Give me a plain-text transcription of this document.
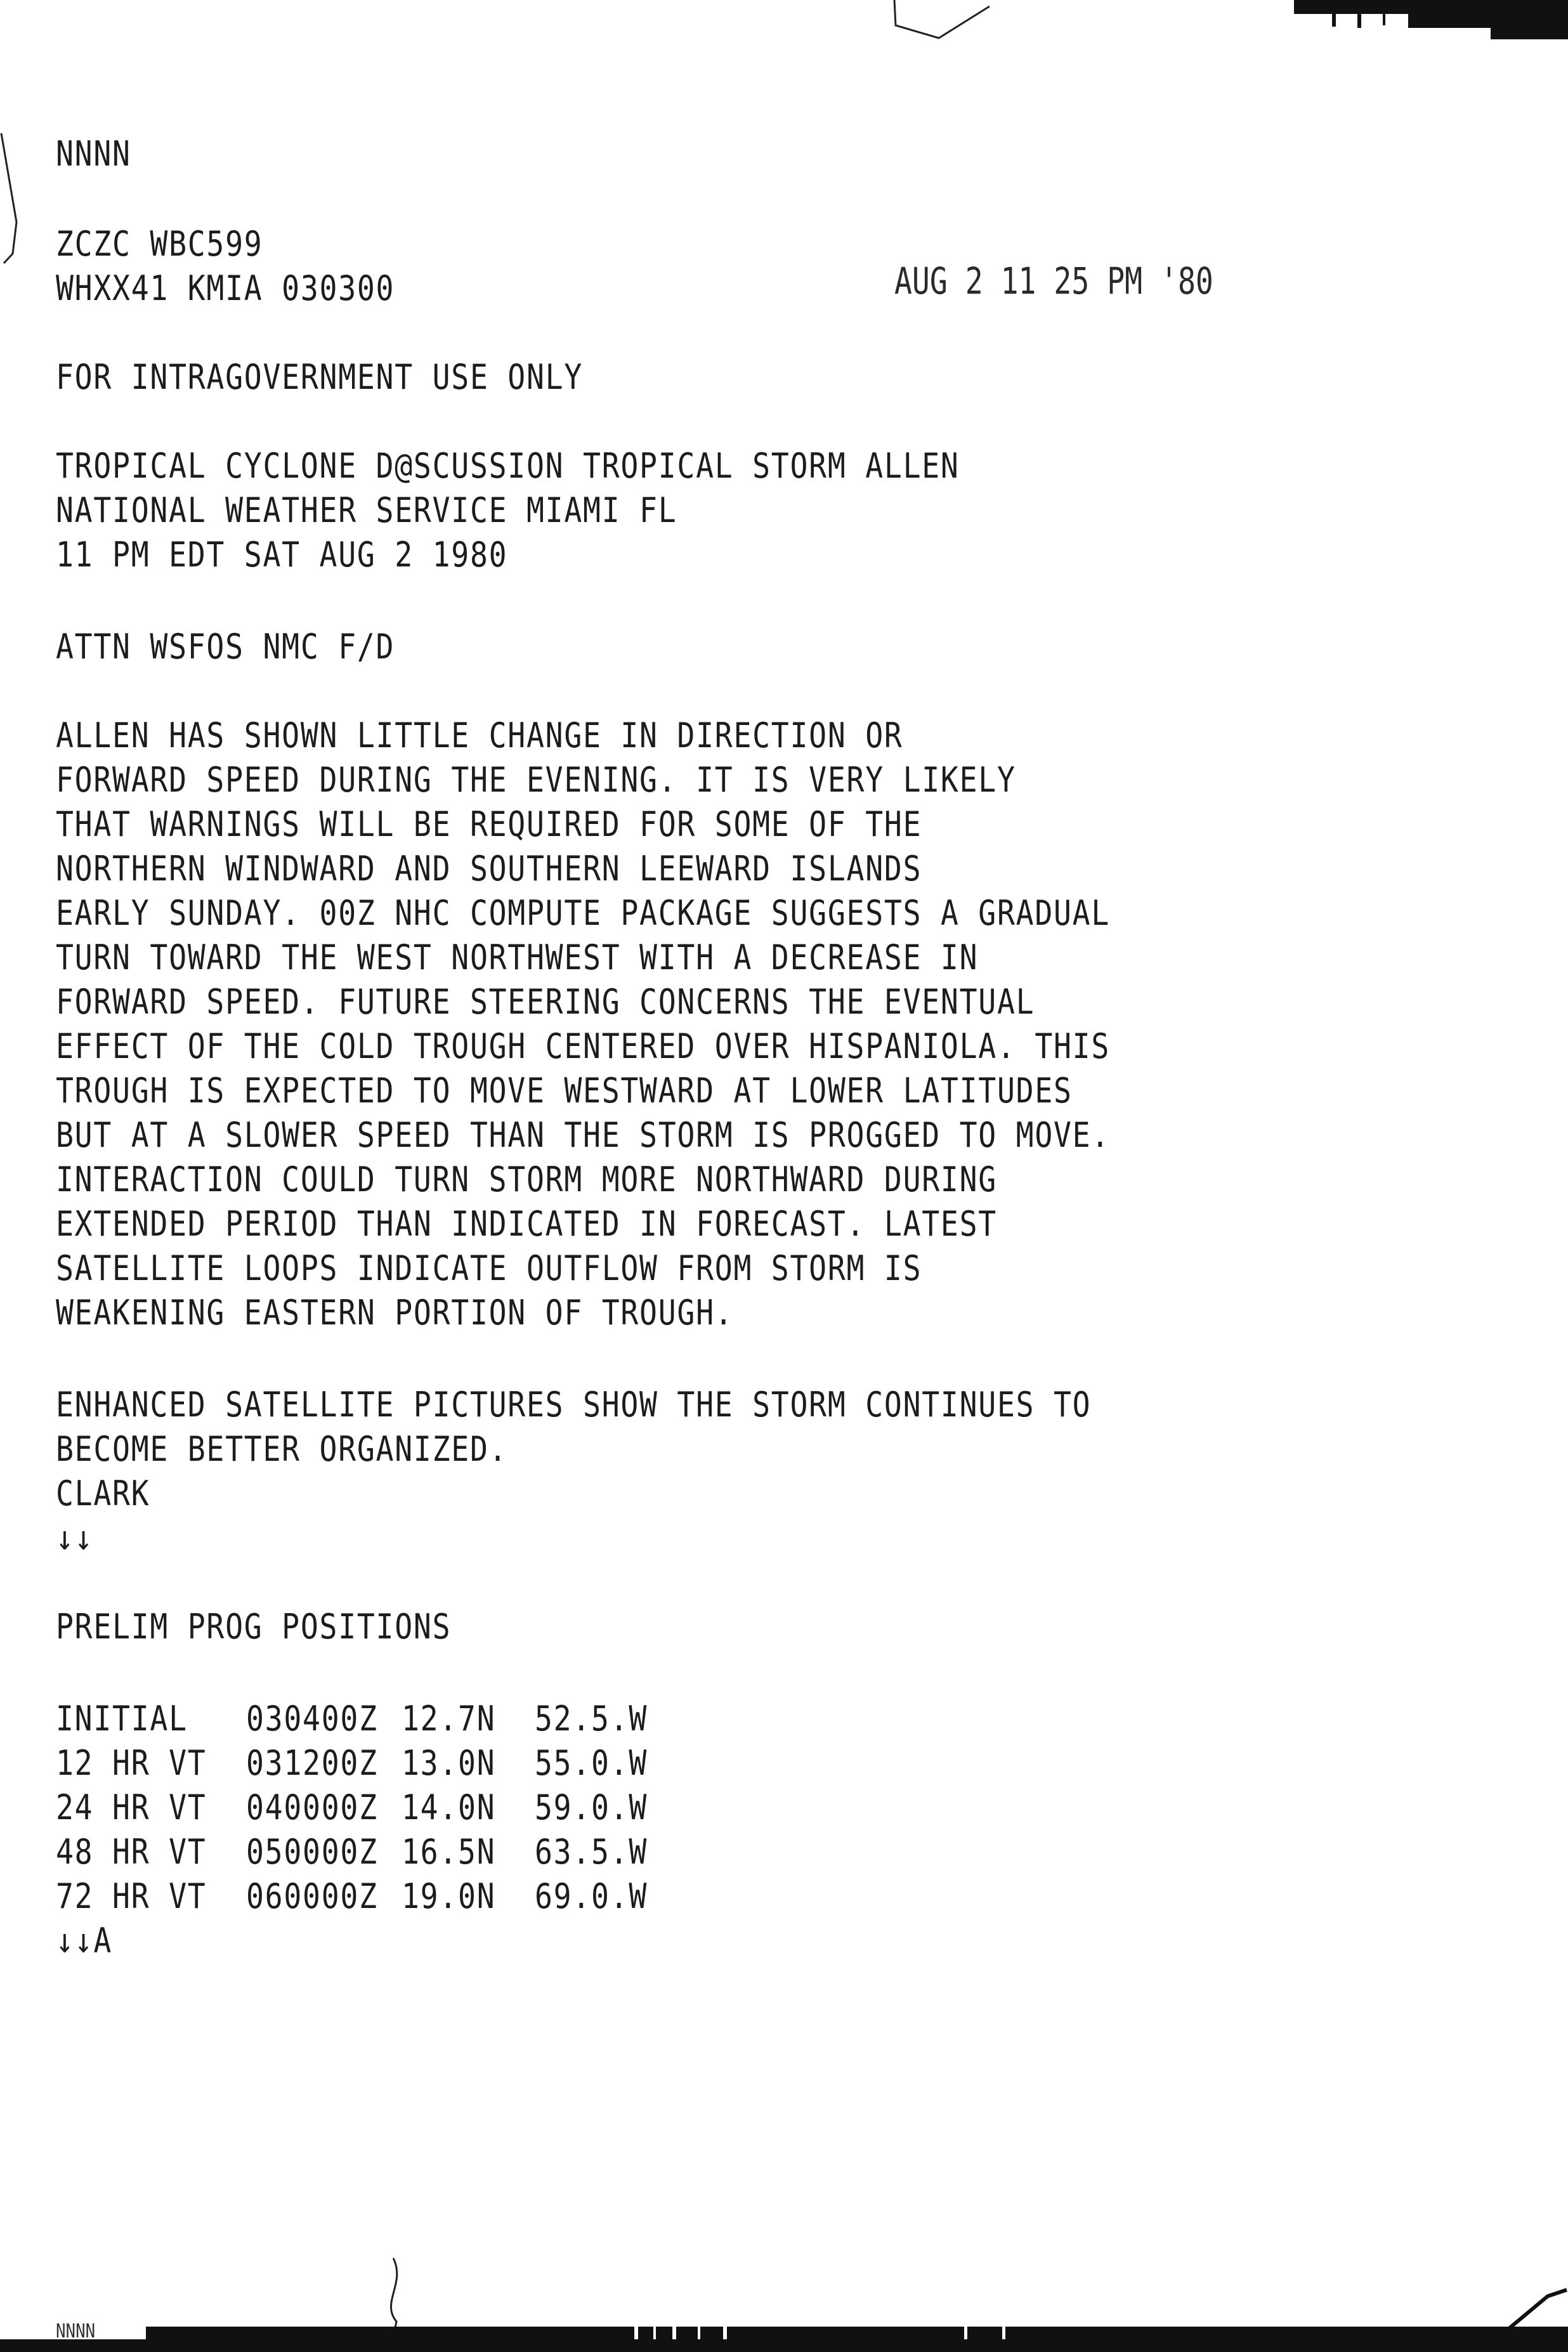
AUG 2 11 25 PM '80
NNNN
ZCZC WBC599
WHXX41 KMIA 030300
FOR INTRAGOVERNMENT USE ONLY
TROPICAL CYCLONE D@SCUSSION TROPICAL STORM ALLEN
NATIONAL WEATHER SERVICE MIAMI FL
11 PM EDT SAT AUG 2 1980
ATTN WSFOS NMC F/D
ALLEN HAS SHOWN LITTLE CHANGE IN DIRECTION OR
FORWARD SPEED DURING THE EVENING. IT IS VERY LIKELY
THAT WARNINGS WILL BE REQUIRED FOR SOME OF THE
NORTHERN WINDWARD AND SOUTHERN LEEWARD ISLANDS
EARLY SUNDAY. 00Z NHC COMPUTE PACKAGE SUGGESTS A GRADUAL
TURN TOWARD THE WEST NORTHWEST WITH A DECREASE IN
FORWARD SPEED. FUTURE STEERING CONCERNS THE EVENTUAL
EFFECT OF THE COLD TROUGH CENTERED OVER HISPANIOLA. THIS
TROUGH IS EXPECTED TO MOVE WESTWARD AT LOWER LATITUDES
BUT AT A SLOWER SPEED THAN THE STORM IS PROGGED TO MOVE.
INTERACTION COULD TURN STORM MORE NORTHWARD DURING
EXTENDED PERIOD THAN INDICATED IN FORECAST. LATEST
SATELLITE LOOPS INDICATE OUTFLOW FROM STORM IS
WEAKENING EASTERN PORTION OF TROUGH.
ENHANCED SATELLITE PICTURES SHOW THE STORM CONTINUES TO
BECOME BETTER ORGANIZED.
CLARK
↓↓
PRELIM PROG POSITIONS
INITIAL 030400Z 12.7N 52.5.W
12 HR VT 031200Z 13.0N 55.0.W
24 HR VT 040000Z 14.0N 59.0.W
48 HR VT 050000Z 16.5N 63.5.W
72 HR VT 060000Z 19.0N 69.0.W
↓↓A
NNNN
